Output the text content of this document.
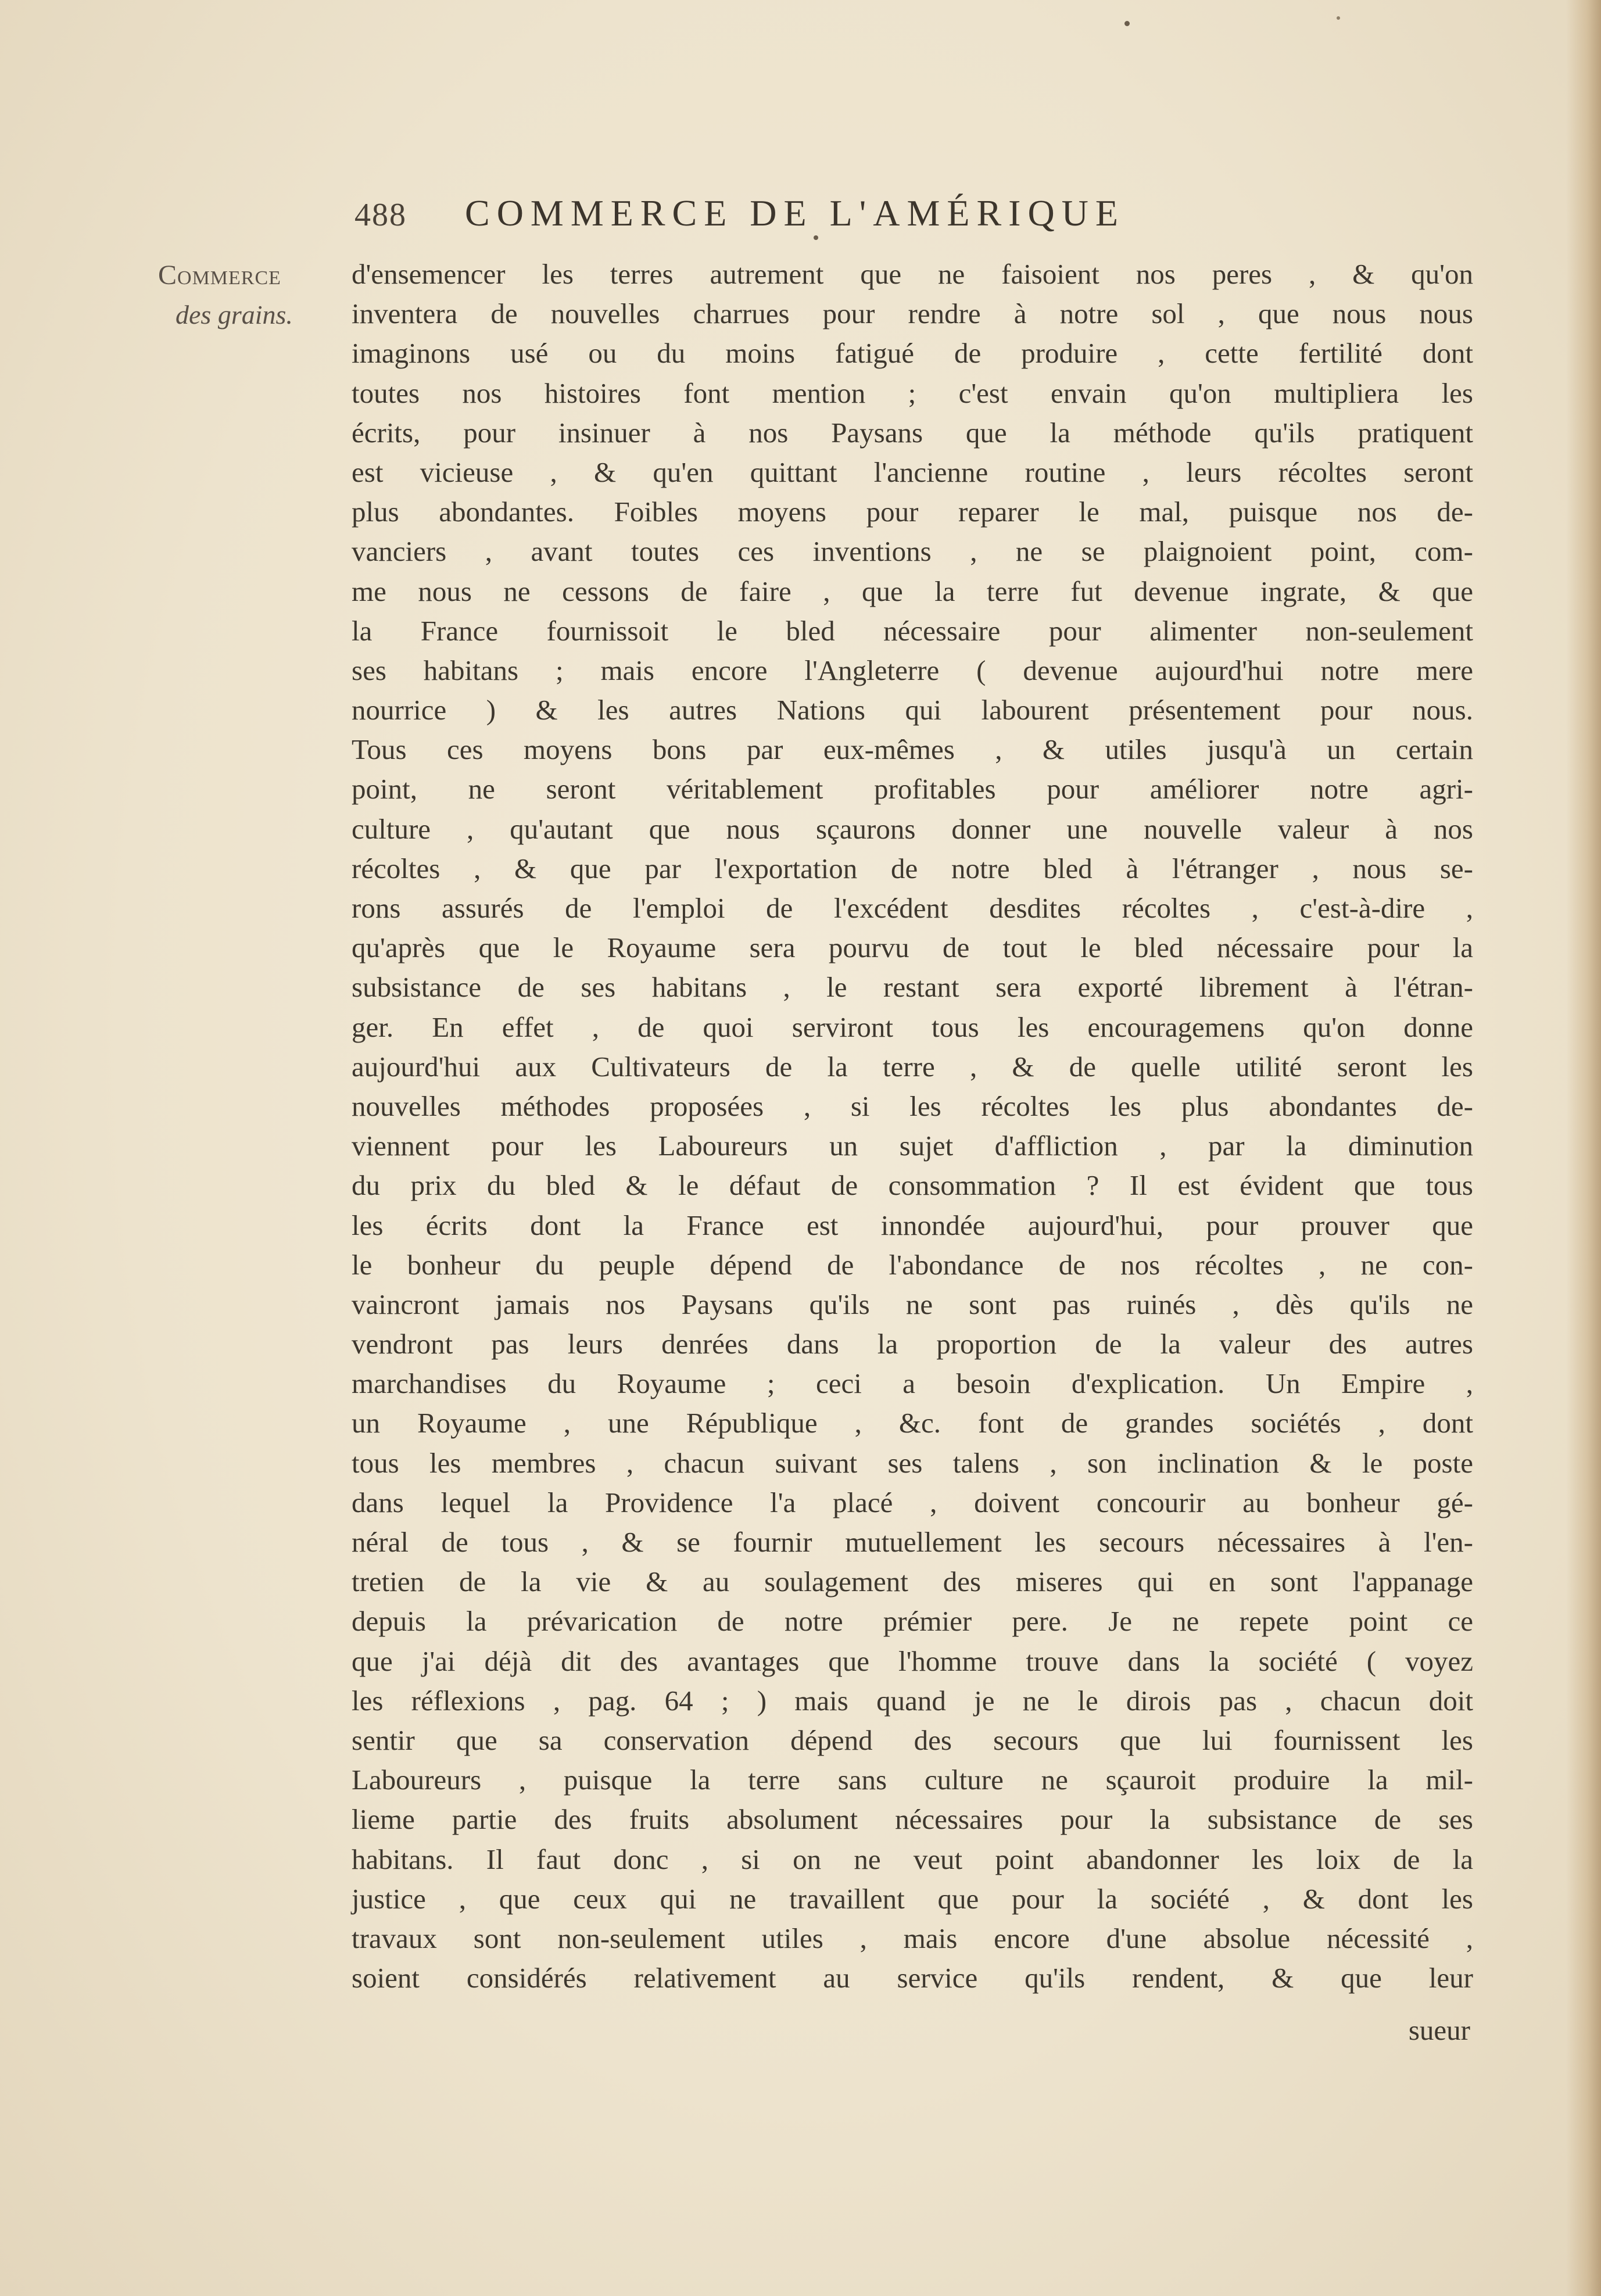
488 COMMERCE DE L'AMÉRIQUE
Commerce
des grains.
d'ensemencer les terres autrement que ne faisoient nos peres , & qu'on
inventera de nouvelles charrues pour rendre à notre sol , que nous nous
imaginons usé ou du moins fatigué de produire , cette fertilité dont
toutes nos histoires font mention ; c'est envain qu'on multipliera les
écrits, pour insinuer à nos Paysans que la méthode qu'ils pratiquent
est vicieuse , & qu'en quittant l'ancienne routine , leurs récoltes seront
plus abondantes. Foibles moyens pour reparer le mal, puisque nos de-
vanciers , avant toutes ces inventions , ne se plaignoient point, com-
me nous ne cessons de faire , que la terre fut devenue ingrate, & que
la France fournissoit le bled nécessaire pour alimenter non-seulement
ses habitans ; mais encore l'Angleterre ( devenue aujourd'hui notre mere
nourrice ) & les autres Nations qui labourent présentement pour nous.
Tous ces moyens bons par eux-mêmes , & utiles jusqu'à un certain
point, ne seront véritablement profitables pour améliorer notre agri-
culture , qu'autant que nous sçaurons donner une nouvelle valeur à nos
récoltes , & que par l'exportation de notre bled à l'étranger , nous se-
rons assurés de l'emploi de l'excédent desdites récoltes , c'est-à-dire ,
qu'après que le Royaume sera pourvu de tout le bled nécessaire pour la
subsistance de ses habitans , le restant sera exporté librement à l'étran-
ger. En effet , de quoi serviront tous les encouragemens qu'on donne
aujourd'hui aux Cultivateurs de la terre , & de quelle utilité seront les
nouvelles méthodes proposées , si les récoltes les plus abondantes de-
viennent pour les Laboureurs un sujet d'affliction , par la diminution
du prix du bled & le défaut de consommation ? Il est évident que tous
les écrits dont la France est innondée aujourd'hui, pour prouver que
le bonheur du peuple dépend de l'abondance de nos récoltes , ne con-
vaincront jamais nos Paysans qu'ils ne sont pas ruinés , dès qu'ils ne
vendront pas leurs denrées dans la proportion de la valeur des autres
marchandises du Royaume ; ceci a besoin d'explication. Un Empire ,
un Royaume , une République , &c. font de grandes sociétés , dont
tous les membres , chacun suivant ses talens , son inclination & le poste
dans lequel la Providence l'a placé , doivent concourir au bonheur gé-
néral de tous , & se fournir mutuellement les secours nécessaires à l'en-
tretien de la vie & au soulagement des miseres qui en sont l'appanage
depuis la prévarication de notre prémier pere. Je ne repete point ce
que j'ai déjà dit des avantages que l'homme trouve dans la société ( voyez
les réflexions , pag. 64 ; ) mais quand je ne le dirois pas , chacun doit
sentir que sa conservation dépend des secours que lui fournissent les
Laboureurs , puisque la terre sans culture ne sçauroit produire la mil-
lieme partie des fruits absolument nécessaires pour la subsistance de ses
habitans. Il faut donc , si on ne veut point abandonner les loix de la
justice , que ceux qui ne travaillent que pour la société , & dont les
travaux sont non-seulement utiles , mais encore d'une absolue nécessité ,
soient considérés relativement au service qu'ils rendent, & que leur
sueur
